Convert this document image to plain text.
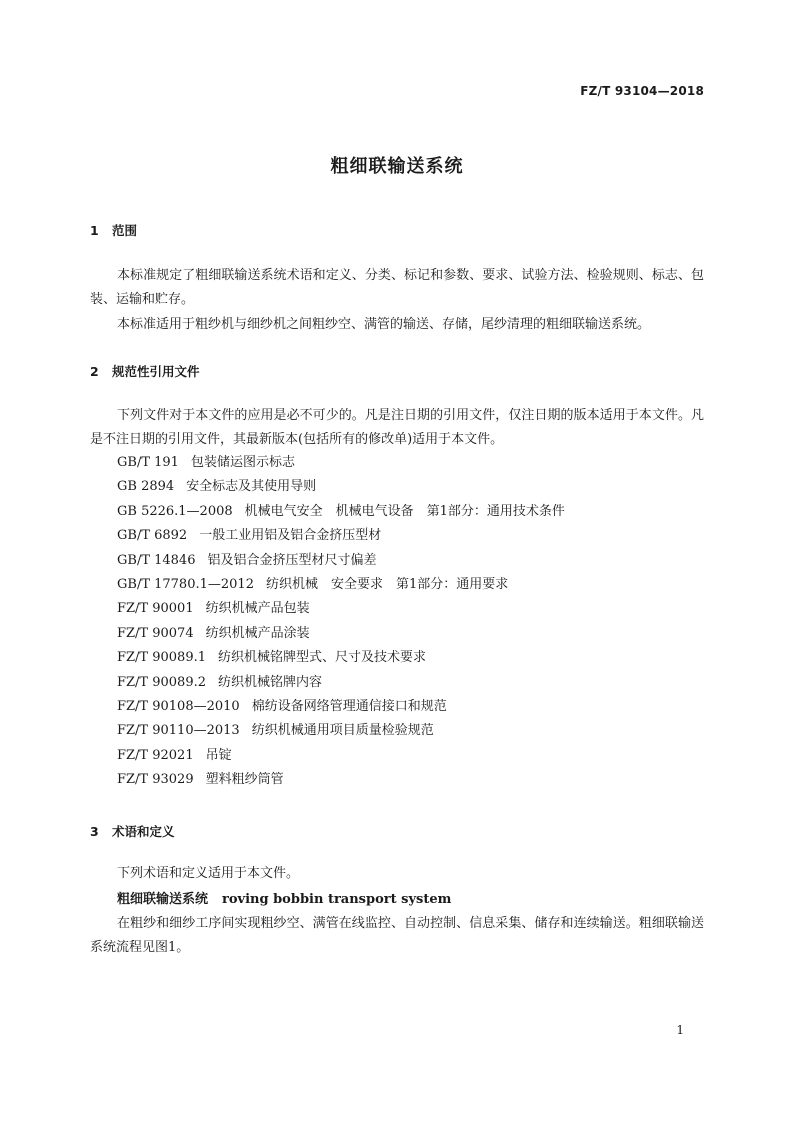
FZ/T 93104—2018
粗细联输送系统
1 范围
本标准规定了粗细联输送系统术语和定义、分类、标记和参数、要求、试验方法、检验规则、标志、包装、运输和贮存。
本标准适用于粗纱机与细纱机之间粗纱空、满管的输送、存储，尾纱清理的粗细联输送系统。
2 规范性引用文件
下列文件对于本文件的应用是必不可少的。凡是注日期的引用文件，仅注日期的版本适用于本文件。凡是不注日期的引用文件，其最新版本(包括所有的修改单)适用于本文件。
GB/T 191 包装储运图示标志
GB 2894 安全标志及其使用导则
GB 5226.1—2008 机械电气安全　机械电气设备　第1部分：通用技术条件
GB/T 6892 一般工业用铝及铝合金挤压型材
GB/T 14846 铝及铝合金挤压型材尺寸偏差
GB/T 17780.1—2012 纺织机械　安全要求　第1部分：通用要求
FZ/T 90001 纺织机械产品包装
FZ/T 90074 纺织机械产品涂装
FZ/T 90089.1 纺织机械铭牌型式、尺寸及技术要求
FZ/T 90089.2 纺织机械铭牌内容
FZ/T 90108—2010 棉纺设备网络管理通信接口和规范
FZ/T 90110—2013 纺织机械通用项目质量检验规范
FZ/T 92021 吊锭
FZ/T 93029 塑料粗纱筒管
3 术语和定义
下列术语和定义适用于本文件。
粗细联输送系统 roving bobbin transport system
在粗纱和细纱工序间实现粗纱空、满管在线监控、自动控制、信息采集、储存和连续输送。粗细联输送系统流程见图1。
1
